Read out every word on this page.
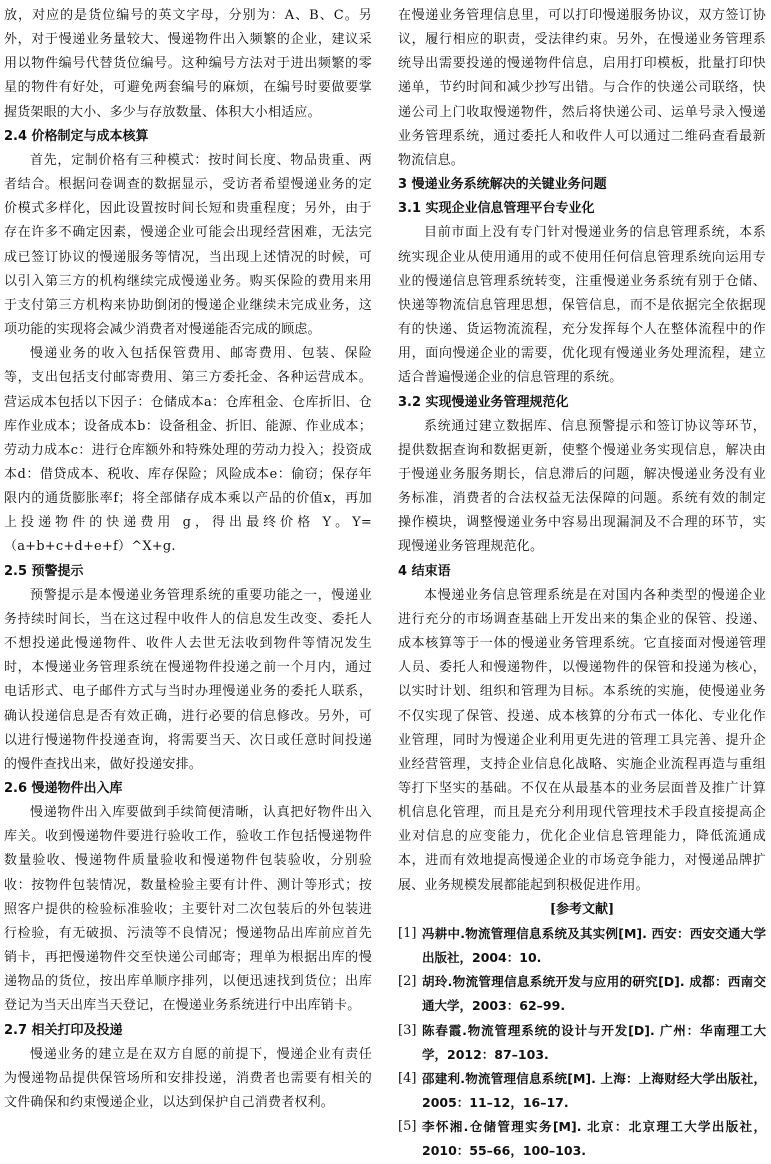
放，对应的是货位编号的英文字母，分别为：A、B、C。另外，对于慢递业务量较大、慢递物件出入频繁的企业，建议采用以物件编号代替货位编号。这种编号方法对于进出频繁的零星的物件有好处，可避免两套编号的麻烦，在编号时要做要掌握货架眼的大小、多少与存放数量、体积大小相适应。

2.4 价格制定与成本核算

首先，定制价格有三种模式：按时间长度、物品贵重、两者结合。根据问卷调查的数据显示，受访者希望慢递业务的定价模式多样化，因此设置按时间长短和贵重程度；另外，由于存在许多不确定因素，慢递企业可能会出现经营困难，无法完成已签订协议的慢递服务等情况，当出现上述情况的时候，可以引入第三方的机构继续完成慢递业务。购买保险的费用来用于支付第三方机构来协助倒闭的慢递企业继续未完成业务，这项功能的实现将会减少消费者对慢递能否完成的顾虑。

慢递业务的收入包括保管费用、邮寄费用、包装、保险等，支出包括支付邮寄费用、第三方委托金、各种运营成本。营运成本包括以下因子：仓储成本a：仓库租金、仓库折旧、仓库作业成本；设备成本b：设备租金、折旧、能源、作业成本；劳动力成本c：进行仓库额外和特殊处理的劳动力投入；投资成本d：借贷成本、税收、库存保险；风险成本e：偷窃；保存年限内的通货膨胀率f；将全部储存成本乘以产品的价值x，再加上投递物件的快递费用 g，得出最终价格 Y。Y=（a+b+c+d+e+f）^X+g.

2.5 预警提示

预警提示是本慢递业务管理系统的重要功能之一，慢递业务持续时间长，当在这过程中收件人的信息发生改变、委托人不想投递此慢递物件、收件人去世无法收到物件等情况发生时，本慢递业务管理系统在慢递物件投递之前一个月内，通过电话形式、电子邮件方式与当时办理慢递业务的委托人联系，确认投递信息是否有效正确，进行必要的信息修改。另外，可以进行慢递物件投递查询，将需要当天、次日或任意时间投递的慢件查找出来，做好投递安排。

2.6 慢递物件出入库

慢递物件出入库要做到手续简便清晰，认真把好物件出入库关。收到慢递物件要进行验收工作，验收工作包括慢递物件数量验收、慢递物件质量验收和慢递物件包装验收，分别验收：按物件包装情况，数量检验主要有计件、测计等形式；按照客户提供的检验标准验收；主要针对二次包装后的外包装进行检验，有无破损、污渍等不良情况；慢递物品出库前应首先销卡，再把慢递物件交至快递公司邮寄；理单为根据出库的慢递物品的货位，按出库单顺序排列，以便迅速找到货位；出库登记为当天出库当天登记，在慢递业务系统进行中出库销卡。

2.7 相关打印及投递

慢递业务的建立是在双方自愿的前提下，慢递企业有责任为慢递物品提供保管场所和安排投递，消费者也需要有相关的文件确保和约束慢递企业，以达到保护自己消费者权利。

在慢递业务管理信息里，可以打印慢递服务协议，双方签订协议，履行相应的职责，受法律约束。另外，在慢递业务管理系统导出需要投递的慢递物件信息，启用打印模板，批量打印快递单，节约时间和减少抄写出错。与合作的快递公司联络，快递公司上门收取慢递物件，然后将快递公司、运单号录入慢递业务管理系统，通过委托人和收件人可以通过二维码查看最新物流信息。

3 慢递业务系统解决的关键业务问题
3.1 实现企业信息管理平台专业化

目前市面上没有专门针对慢递业务的信息管理系统，本系统实现企业从使用通用的或不使用任何信息管理系统向运用专业的慢递信息管理系统转变，注重慢递业务系统有别于仓储、快递等物流信息管理思想，保管信息，而不是依据完全依据现有的快递、货运物流流程，充分发挥每个人在整体流程中的作用，面向慢递企业的需要，优化现有慢递业务处理流程，建立适合普遍慢递企业的信息管理的系统。

3.2 实现慢递业务管理规范化

系统通过建立数据库、信息预警提示和签订协议等环节，提供数据查询和数据更新，使整个慢递业务实现信息，解决由于慢递业务服务期长，信息滞后的问题，解决慢递业务没有业务标准，消费者的合法权益无法保障的问题。系统有效的制定操作模块，调整慢递业务中容易出现漏洞及不合理的环节，实现慢递业务管理规范化。

4 结束语

本慢递业务信息管理系统是在对国内各种类型的慢递企业进行充分的市场调查基础上开发出来的集企业的保管、投递、成本核算等于一体的慢递业务管理系统。它直接面对慢递管理人员、委托人和慢递物件，以慢递物件的保管和投递为核心，以实时计划、组织和管理为目标。本系统的实施，使慢递业务不仅实现了保管、投递、成本核算的分布式一体化、专业化作业管理，同时为慢递企业利用更先进的管理工具完善、提升企业经营管理，支持企业信息化战略、实施企业流程再造与重组等打下坚实的基础。不仅在从最基本的业务层面普及推广计算机信息化管理，而且是充分利用现代管理技术手段直接提高企业对信息的应变能力，优化企业信息管理能力，降低流通成本，进而有效地提高慢递企业的市场竞争能力，对慢递品牌扩展、业务规模发展都能起到积极促进作用。

[参考文献]
[1] 冯耕中.物流管理信息系统及其实例[M]. 西安：西安交通大学出版社，2004：10.
[2] 胡玲.物流管理信息系统开发与应用的研究[D]. 成都：西南交通大学，2003：62–99.
[3] 陈春霞.物流管理系统的设计与开发[D]. 广州：华南理工大学，2012：87–103.
[4] 邵建利.物流管理信息系统[M]. 上海：上海财经大学出版社，2005：11–12，16–17.
[5] 李怀湘.仓储管理实务[M]. 北京：北京理工大学出版社，2010：55–66，100–103.
